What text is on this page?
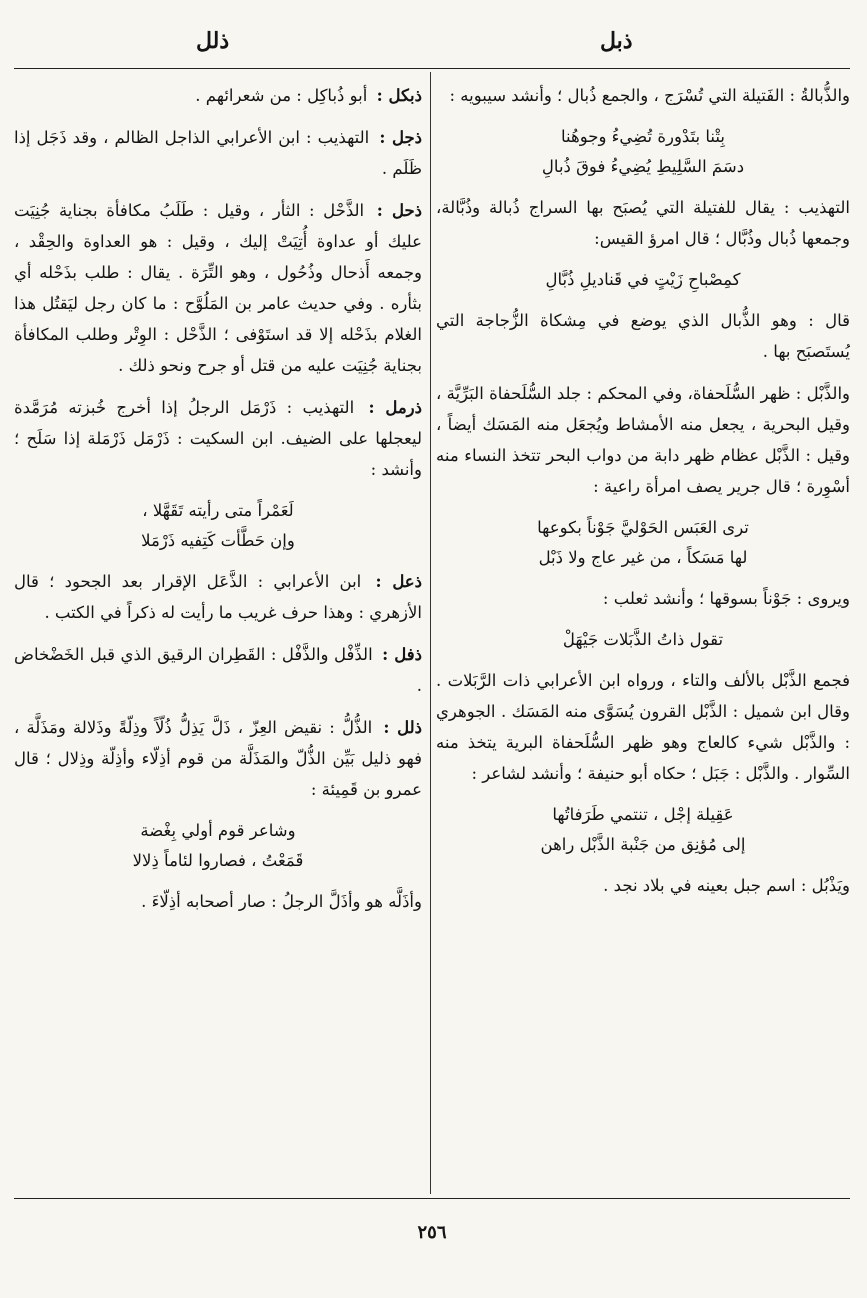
ذبل
ذلل

والذُّبالةُ : الفَتيلة التي تُسْرَج ، والجمع ذُبال ؛ وأنشد سيبويه :

بِتْنا بتَدْورة تُضِيءُ وجوهُنا
دسَمَ السَّلِيطِ يُضِيءُ فوقَ ذُبالِ

التهذيب : يقال للفتيلة التي يُصبَح بها السراج ذُبالة وذُبَّالة، وجمعها ذُبال وذُبَّال ؛ قال امرؤ القيس:

كمِصْباحِ زَيْتٍ في قَناديلِ ذُبَّالِ

قال : وهو الذُّبال الذي يوضع في مِشكاة الزُّجاجة التي يُستَصبَح بها .

والذَّبْل : ظهر السُّلَحفاة، وفي المحكم : جلد السُّلَحفاة البَرِّيَّة ، وقيل البحرية ، يجعل منه الأمشاط ويُجعَل منه المَسَك أيضاً ، وقيل : الذَّبْل عظام ظهر دابة من دواب البحر تتخذ النساء منه أسْوِرة ؛ قال جرير يصف امرأة راعية :

ترى العَبَس الحَوْليَّ جَوْناً بكوعها
لها مَسَكاً ، من غير عاج ولا ذَبْل

ويروى : جَوْناً بسوقها ؛ وأنشد ثعلب :

تقول ذاتُ الذَّبَلات جَيْهَلْ

فجمع الذَّبْل بالألف والتاء ، ورواه ابن الأعرابي ذات الرَّبَلات . وقال ابن شميل : الذَّبْل القرون يُسَوَّى منه المَسَك . الجوهري : والذَّبْل شيء كالعاج وهو ظهر السُّلَحفاة البرية يتخذ منه السِّوار . والذَّبْل : جَبَل ؛ حكاه أبو حنيفة ؛ وأنشد لشاعر :

عَقِيلة إجْل ، تنتمي طَرَفاتُها
إلى مُؤنِق من جَنْبة الذَّبْل راهن

ويَذْبُل : اسم جبل بعينه في بلاد نجد .

ذبكل : أبو ذُباكِل : من شعرائهم .

ذجل : التهذيب : ابن الأعرابي الذاجل الظالم ، وقد ذَجَل إذا ظَلَم .

ذحل : الذَّحْل : الثأر ، وقيل : طَلَبُ مكافأة بجناية جُنِيَت عليك أو عداوة أُتِيَتْ إليك ، وقيل : هو العداوة والحِقْد ، وجمعه أَذحال وذُحُول ، وهو التِّرَة . يقال : طلب بذَحْله أي بثأره . وفي حديث عامر بن المَلُوَّح : ما كان رجل ليَقتُل هذا الغلام بذَحْله إلا قد استَوْفى ؛ الذَّحْل : الوِتْر وطلب المكافأة بجناية جُنِيَت عليه من قتل أو جرح ونحو ذلك .

ذرمل : التهذيب : ذَرْمَل الرجلُ إذا أخرج خُبزته مُرَمَّدة ليعجلها على الضيف. ابن السكيت : ذَرْمَل ذَرْمَلة إذا سَلَح ؛ وأنشد :

لَعَمْراً متى رأيته تَقَهَّلا ،
وإن حَطَّأت كَتِفيه ذَرْمَلا

ذعل : ابن الأعرابي : الذَّعَل الإقرار بعد الجحود ؛ قال الأزهري : وهذا حرف غريب ما رأيت له ذكراً في الكتب .

ذفل : الذِّفْل والذَّفْل : القَطِران الرقيق الذي قبل الخَضْخاض .

ذلل : الذُّلُّ : نقيض العِزّ ، ذَلَّ يَذِلُّ ذُلّاً وذِلّةً وذَلالة ومَذَلَّة ، فهو ذليل بَيِّن الذُّلّ والمَذَلَّة من قوم أذِلّاء وأذِلّة وذِلال ؛ قال عمرو بن قَمِيئة :

وشاعر قوم أولي بِغْضة
قَمَعْتُ ، فصاروا لئاماً ذِلالا

وأذَلَّه هو وأذَلَّ الرجلُ : صار أصحابه أذِلّاءَ .

٢٥٦
